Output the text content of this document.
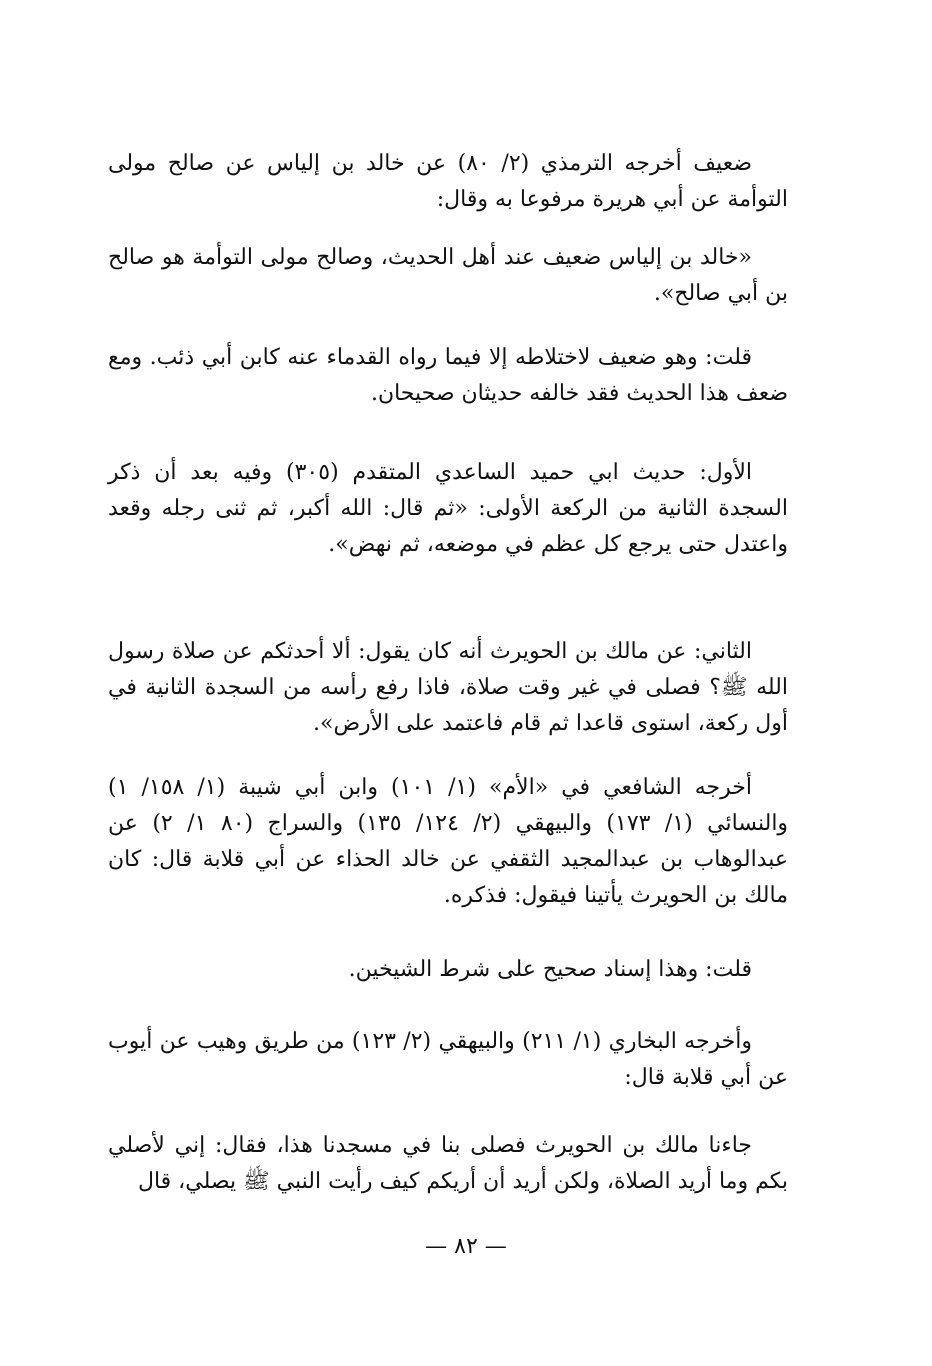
ضعيف أخرجه الترمذي (٢/ ٨٠) عن خالد بن إلياس عن صالح مولى التوأمة عن أبي هريرة مرفوعا به وقال:

«خالد بن إلياس ضعيف عند أهل الحديث، وصالح مولى التوأمة هو صالح بن أبي صالح».

قلت: وهو ضعيف لاختلاطه إلا فيما رواه القدماء عنه كابن أبي ذئب. ومع ضعف هذا الحديث فقد خالفه حديثان صحيحان.

الأول: حديث ابي حميد الساعدي المتقدم (٣٠٥) وفيه بعد أن ذكر السجدة الثانية من الركعة الأولى: «ثم قال: الله أكبر، ثم ثنى رجله وقعد واعتدل حتى يرجع كل عظم في موضعه، ثم نهض».

الثاني: عن مالك بن الحويرث أنه كان يقول: ألا أحدثكم عن صلاة رسول الله ﷺ؟ فصلى في غير وقت صلاة، فاذا رفع رأسه من السجدة الثانية في أول ركعة، استوى قاعدا ثم قام فاعتمد على الأرض».

أخرجه الشافعي في «الأم» (١/ ١٠١) وابن أبي شيبة (١/ ١٥٨/ ١) والنسائي (١/ ١٧٣) والبيهقي (٢/ ١٢٤/ ١٣٥) والسراج (٨٠ ١/ ٢) عن عبدالوهاب بن عبدالمجيد الثقفي عن خالد الحذاء عن أبي قلابة قال: كان مالك بن الحويرث يأتينا فيقول: فذكره.

قلت: وهذا إسناد صحيح على شرط الشيخين.

وأخرجه البخاري (١/ ٢١١) والبيهقي (٢/ ١٢٣) من طريق وهيب عن أيوب عن أبي قلابة قال:

جاءنا مالك بن الحويرث فصلى بنا في مسجدنا هذا، فقال: إني لأصلي بكم وما أريد الصلاة، ولكن أريد أن أريكم كيف رأيت النبي ﷺ يصلي، قال

— ٨٢ —
